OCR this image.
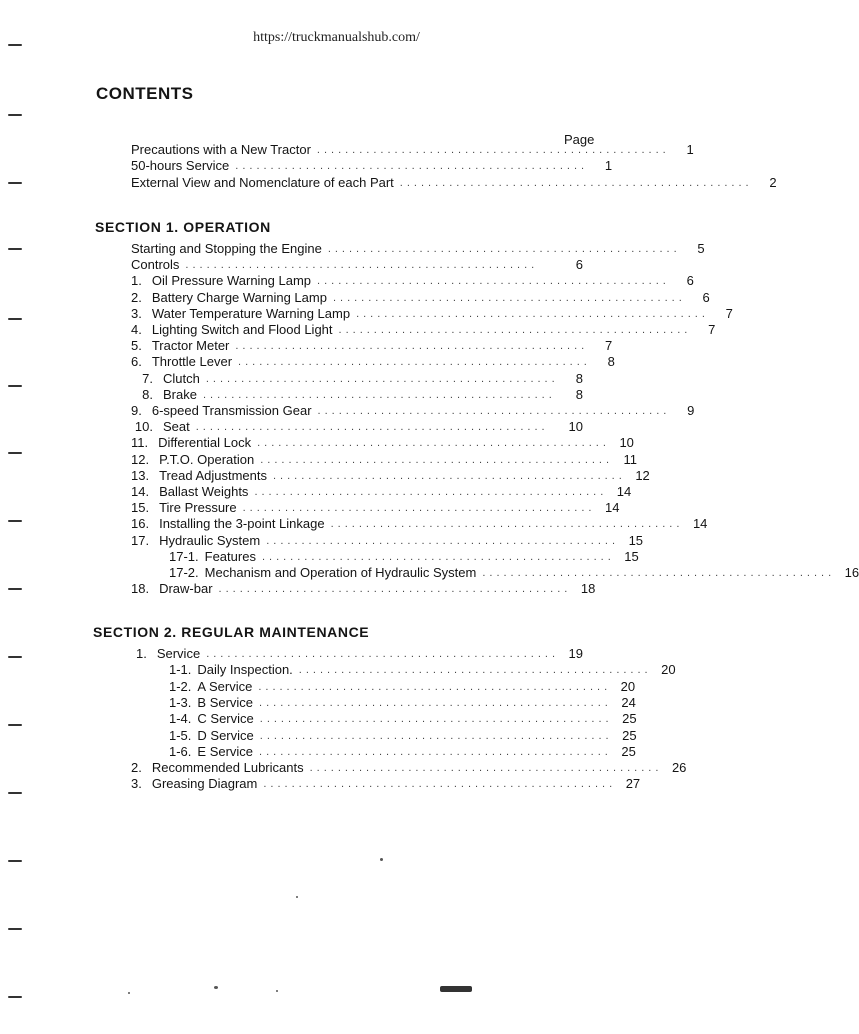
https://truckmanualshub.com/
CONTENTS
Page
Precautions with a New Tractor ..................................................	1
50-hours Service ..................................................	1
External View and Nomenclature of each Part ..................................................	2
SECTION 1. OPERATION
Starting and Stopping the Engine ..................................................	5
Controls ..................................................	6
1. Oil Pressure Warning Lamp ..................................................	6
2. Battery Charge Warning Lamp ..................................................	6
3. Water Temperature Warning Lamp ..................................................	7
4. Lighting Switch and Flood Light ..................................................	7
5. Tractor Meter ..................................................	7
6. Throttle Lever ..................................................	8
7. Clutch ..................................................	8
8. Brake ..................................................	8
9. 6-speed Transmission Gear ..................................................	9
10. Seat ..................................................	10
11. Differential Lock .................................................. 10
12. P.T.O. Operation .................................................. 11
13. Tread Adjustments .................................................. 12
14. Ballast Weights .................................................. 14
15. Tire Pressure .................................................. 14
16. Installing the 3-point Linkage .................................................. 14
17. Hydraulic System .................................................. 15
17-1. Features .................................................. 15
17-2. Mechanism and Operation of Hydraulic System .................................................. 16
18. Draw-bar .................................................. 18
SECTION 2. REGULAR MAINTENANCE
1. Service .................................................. 19
1-1. Daily Inspection. .................................................. 20
1-2. A Service .................................................. 20
1-3. B Service .................................................. 24
1-4. C Service .................................................. 25
1-5. D Service .................................................. 25
1-6. E Service .................................................. 25
2. Recommended Lubricants .................................................. 26
3. Greasing Diagram .................................................. 27
